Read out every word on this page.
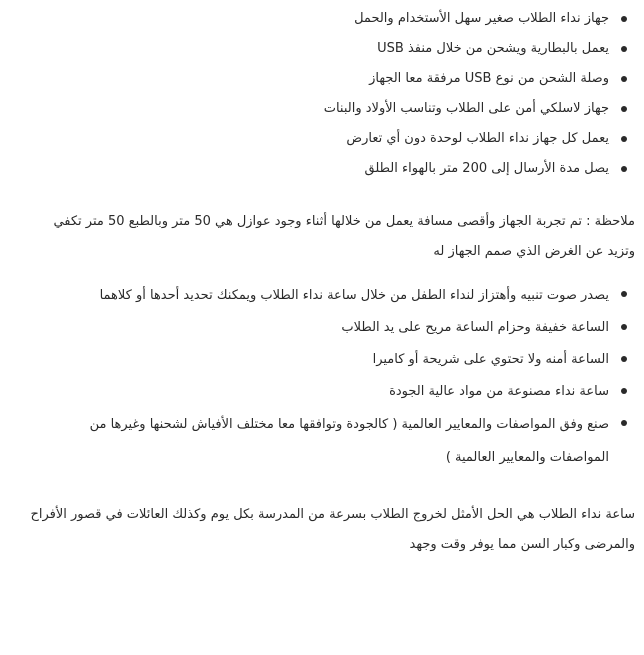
جهاز نداء الطلاب صغير سهل الأستخدام والحمل
يعمل بالبطارية ويشحن من خلال منفذ USB
وصلة الشحن من نوع USB مرفقة معا الجهاز
جهاز لاسلكي أمن على الطلاب وتناسب الأولاد والبنات
يعمل كل جهاز نداء الطلاب لوحدة دون أي تعارض
يصل مدة الأرسال إلى 200 متر بالهواء الطلق

ملاحظة : تم تجربة الجهاز وأقصى مسافة يعمل من خلالها أثناء وجود عوازل هي 50 متر وبالطبع 50 متر تكفي وتزيد عن الغرض الذي صمم الجهاز له

يصدر صوت تنبيه وأهتزاز لنداء الطفل من خلال ساعة نداء الطلاب ويمكنك تحديد أحدها أو كلاهما
الساعة خفيفة وحزام الساعة مريح على يد الطلاب
الساعة أمنه ولا تحتوي على شريحة أو كاميرا
ساعة نداء مصنوعة من مواد عالية الجودة
صنع وفق المواصفات والمعايير العالمية ( كالجودة وتوافقها معا مختلف الأفياش لشحنها وغيرها من المواصفات والمعايير العالمية )

ساعة نداء الطلاب هي الحل الأمثل لخروج الطلاب بسرعة من المدرسة بكل يوم وكذلك العائلات في قصور الأفراح والمرضى وكبار السن مما يوفر وقت وجهد
